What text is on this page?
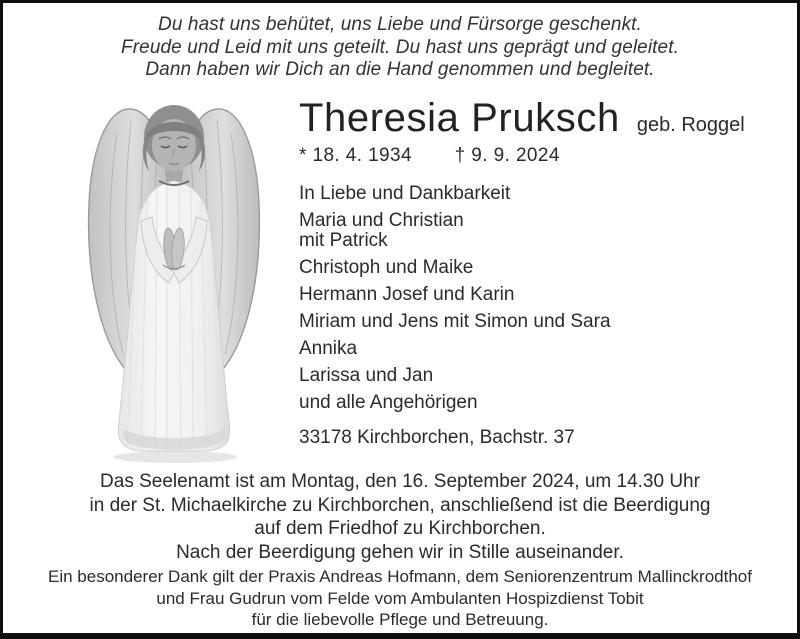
Du hast uns behütet, uns Liebe und Fürsorge geschenkt.
Freude und Leid mit uns geteilt. Du hast uns geprägt und geleitet.
Dann haben wir Dich an die Hand genommen und begleitet.
Theresia Pruksch geb. Roggel
* 18. 4. 1934 † 9. 9. 2024
In Liebe und Dankbarkeit
Maria und Christian
mit Patrick
Christoph und Maike
Hermann Josef und Karin
Miriam und Jens mit Simon und Sara
Annika
Larissa und Jan
und alle Angehörigen
33178 Kirchborchen, Bachstr. 37
Das Seelenamt ist am Montag, den 16. September 2024, um 14.30 Uhr
in der St. Michaelkirche zu Kirchborchen, anschließend ist die Beerdigung
auf dem Friedhof zu Kirchborchen.
Nach der Beerdigung gehen wir in Stille auseinander.
Ein besonderer Dank gilt der Praxis Andreas Hofmann, dem Seniorenzentrum Mallinckrodthof
und Frau Gudrun vom Felde vom Ambulanten Hospizdienst Tobit
für die liebevolle Pflege und Betreuung.
